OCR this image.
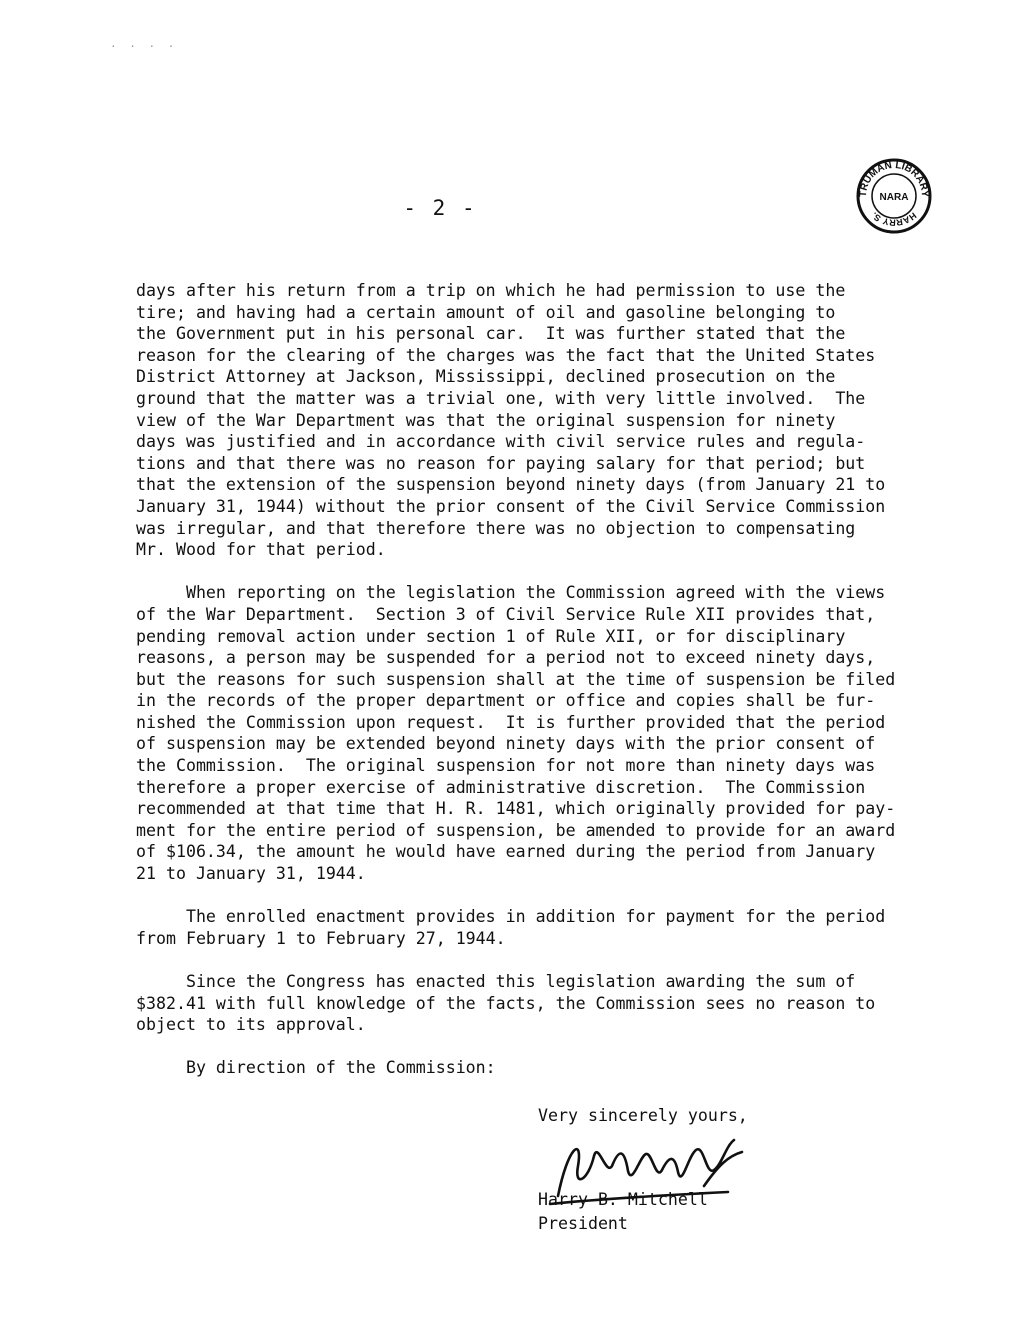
· · · ·
- 2 -
TRUMAN LIBRARY
NARA
HARRY S.

days after his return from a trip on which he had permission to use the

tire; and having had a certain amount of oil and gasoline belonging to

the Government put in his personal car.  It was further stated that the

reason for the clearing of the charges was the fact that the United States

District Attorney at Jackson, Mississippi, declined prosecution on the

ground that the matter was a trivial one, with very little involved.  The

view of the War Department was that the original suspension for ninety

days was justified and in accordance with civil service rules and regula-

tions and that there was no reason for paying salary for that period; but

that the extension of the suspension beyond ninety days (from January 21 to

January 31, 1944) without the prior consent of the Civil Service Commission

was irregular, and that therefore there was no objection to compensating

Mr. Wood for that period.

When reporting on the legislation the Commission agreed with the views

of the War Department.  Section 3 of Civil Service Rule XII provides that,

pending removal action under section 1 of Rule XII, or for disciplinary

reasons, a person may be suspended for a period not to exceed ninety days,

but the reasons for such suspension shall at the time of suspension be filed

in the records of the proper department or office and copies shall be fur-

nished the Commission upon request.  It is further provided that the period

of suspension may be extended beyond ninety days with the prior consent of

the Commission.  The original suspension for not more than ninety days was

therefore a proper exercise of administrative discretion.  The Commission

recommended at that time that H. R. 1481, which originally provided for pay-

ment for the entire period of suspension, be amended to provide for an award

of $106.34, the amount he would have earned during the period from January

21 to January 31, 1944.

The enrolled enactment provides in addition for payment for the period

from February 1 to February 27, 1944.

Since the Congress has enacted this legislation awarding the sum of

$382.41 with full knowledge of the facts, the Commission sees no reason to

object to its approval.

By direction of the Commission:

Very sincerely yours,
Harry B. Mitchell
President
